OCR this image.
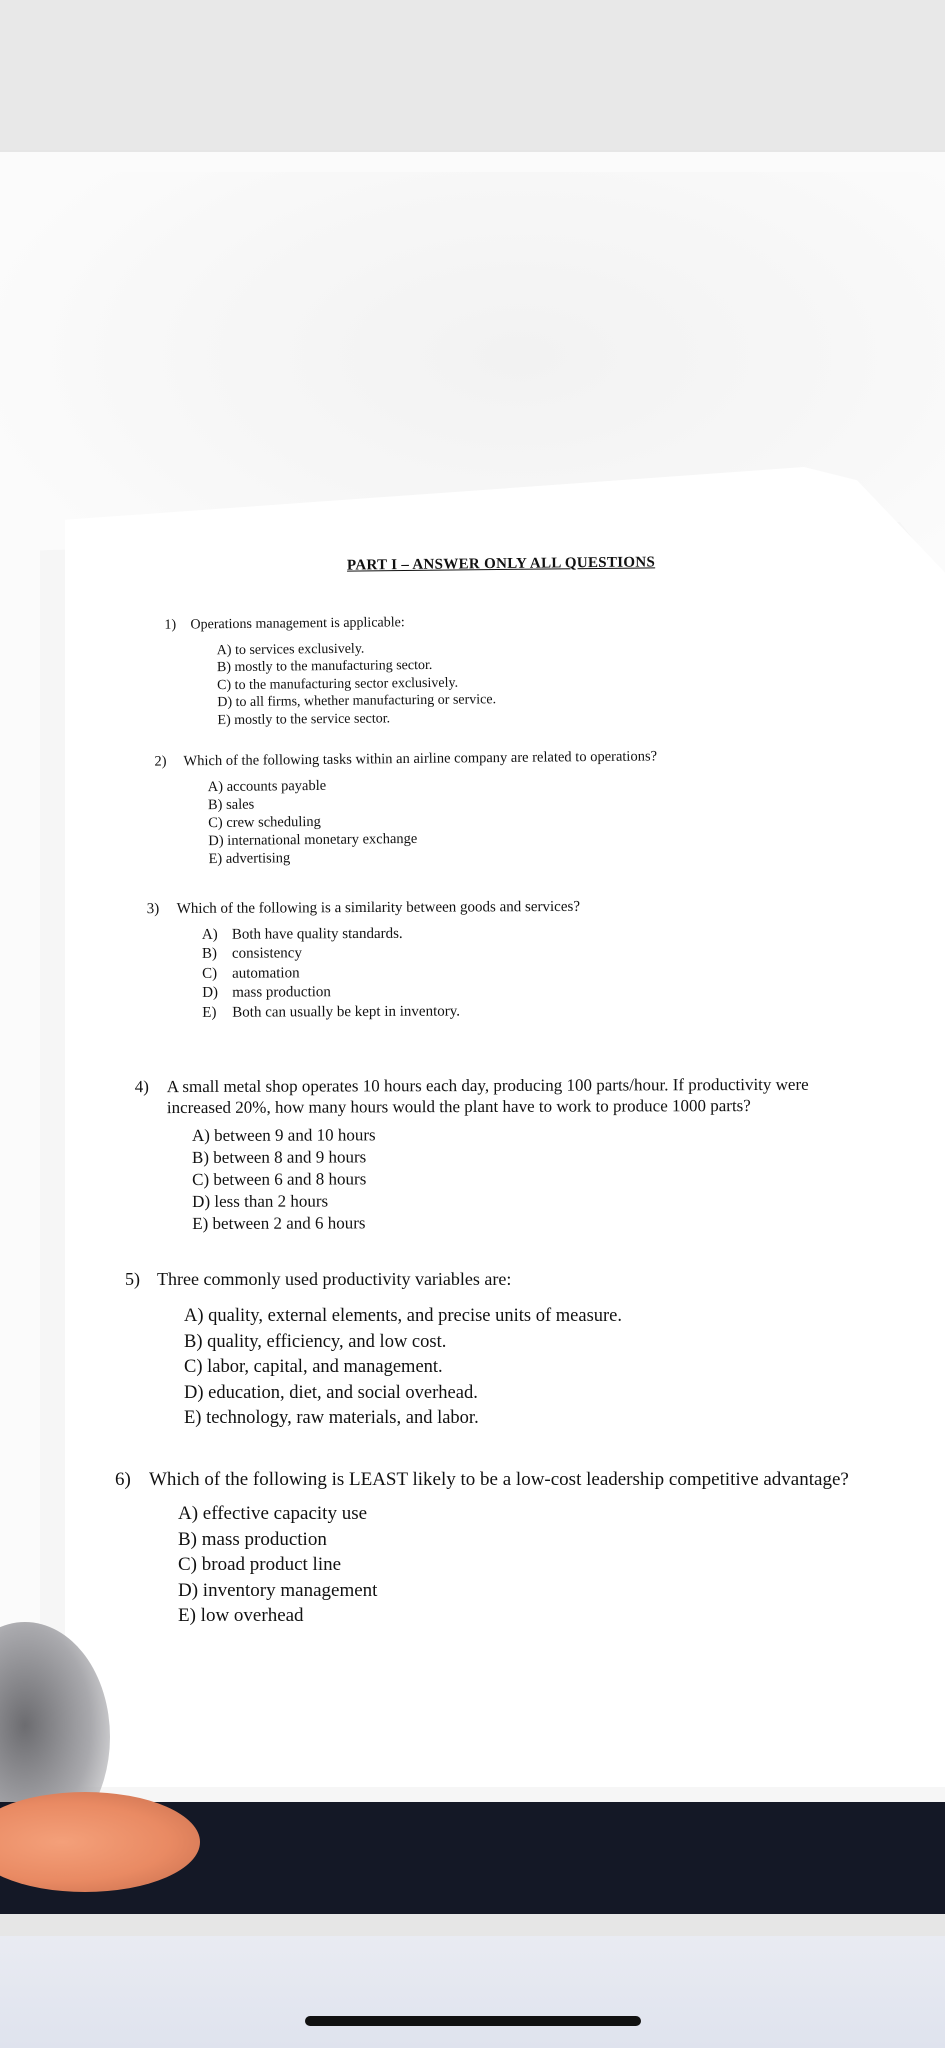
PART I – ANSWER ONLY ALL QUESTIONS
1) Operations management is applicable:
A) to services exclusively.
B) mostly to the manufacturing sector.
C) to the manufacturing sector exclusively.
D) to all firms, whether manufacturing or service.
E) mostly to the service sector.
2) Which of the following tasks within an airline company are related to operations?
A) accounts payable
B) sales
C) crew scheduling
D) international monetary exchange
E) advertising
3) Which of the following is a similarity between goods and services?
A) Both have quality standards.
B) consistency
C) automation
D) mass production
E) Both can usually be kept in inventory.
4) A small metal shop operates 10 hours each day, producing 100 parts/hour. If productivity were
increased 20%, how many hours would the plant have to work to produce 1000 parts?
A) between 9 and 10 hours
B) between 8 and 9 hours
C) between 6 and 8 hours
D) less than 2 hours
E) between 2 and 6 hours
5) Three commonly used productivity variables are:
A) quality, external elements, and precise units of measure.
B) quality, efficiency, and low cost.
C) labor, capital, and management.
D) education, diet, and social overhead.
E) technology, raw materials, and labor.
6) Which of the following is LEAST likely to be a low-cost leadership competitive advantage?
A) effective capacity use
B) mass production
C) broad product line
D) inventory management
E) low overhead
